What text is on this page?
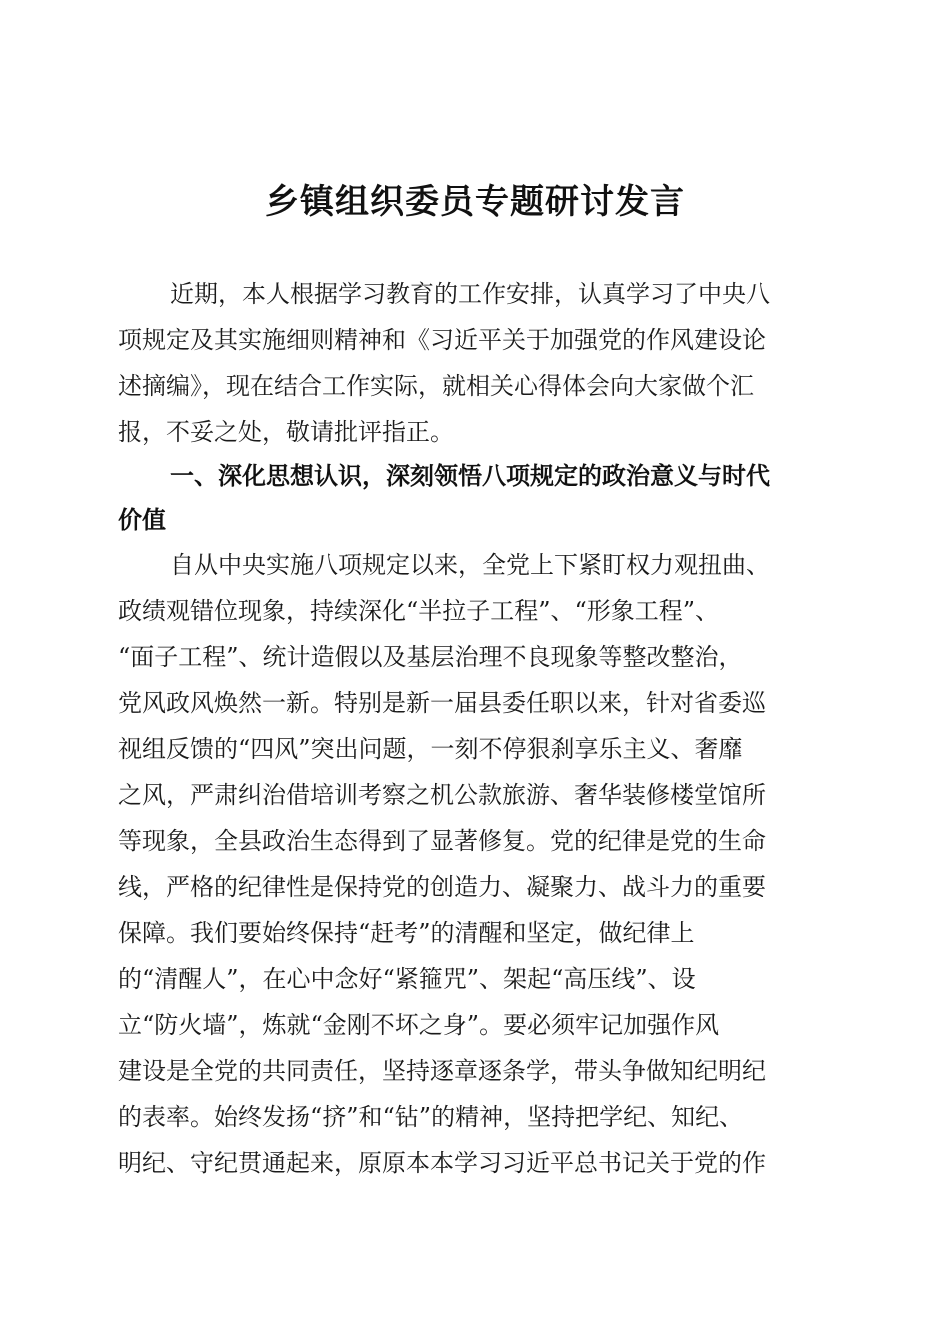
乡镇组织委员专题研讨发言

近期，本人根据学习教育的工作安排，认真学习了中央八

项规定及其实施细则精神和《习近平关于加强党的作风建设论

述摘编》，现在结合工作实际，就相关心得体会向大家做个汇

报，不妥之处，敬请批评指正。

一、深化思想认识，深刻领悟八项规定的政治意义与时代

价值

自从中央实施八项规定以来，全党上下紧盯权力观扭曲、

政绩观错位现象，持续深化“半拉子工程”、“形象工程”、

“面子工程”、统计造假以及基层治理不良现象等整改整治，

党风政风焕然一新。特别是新一届县委任职以来，针对省委巡

视组反馈的“四风”突出问题，一刻不停狠刹享乐主义、奢靡

之风，严肃纠治借培训考察之机公款旅游、奢华装修楼堂馆所

等现象，全县政治生态得到了显著修复。党的纪律是党的生命

线，严格的纪律性是保持党的创造力、凝聚力、战斗力的重要

保障。我们要始终保持“赶考”的清醒和坚定，做纪律上

的“清醒人”，在心中念好“紧箍咒”、架起“高压线”、设

立“防火墙”，炼就“金刚不坏之身”。要必须牢记加强作风

建设是全党的共同责任，坚持逐章逐条学，带头争做知纪明纪

的表率。始终发扬“挤”和“钻”的精神，坚持把学纪、知纪、

明纪、守纪贯通起来，原原本本学习习近平总书记关于党的作
